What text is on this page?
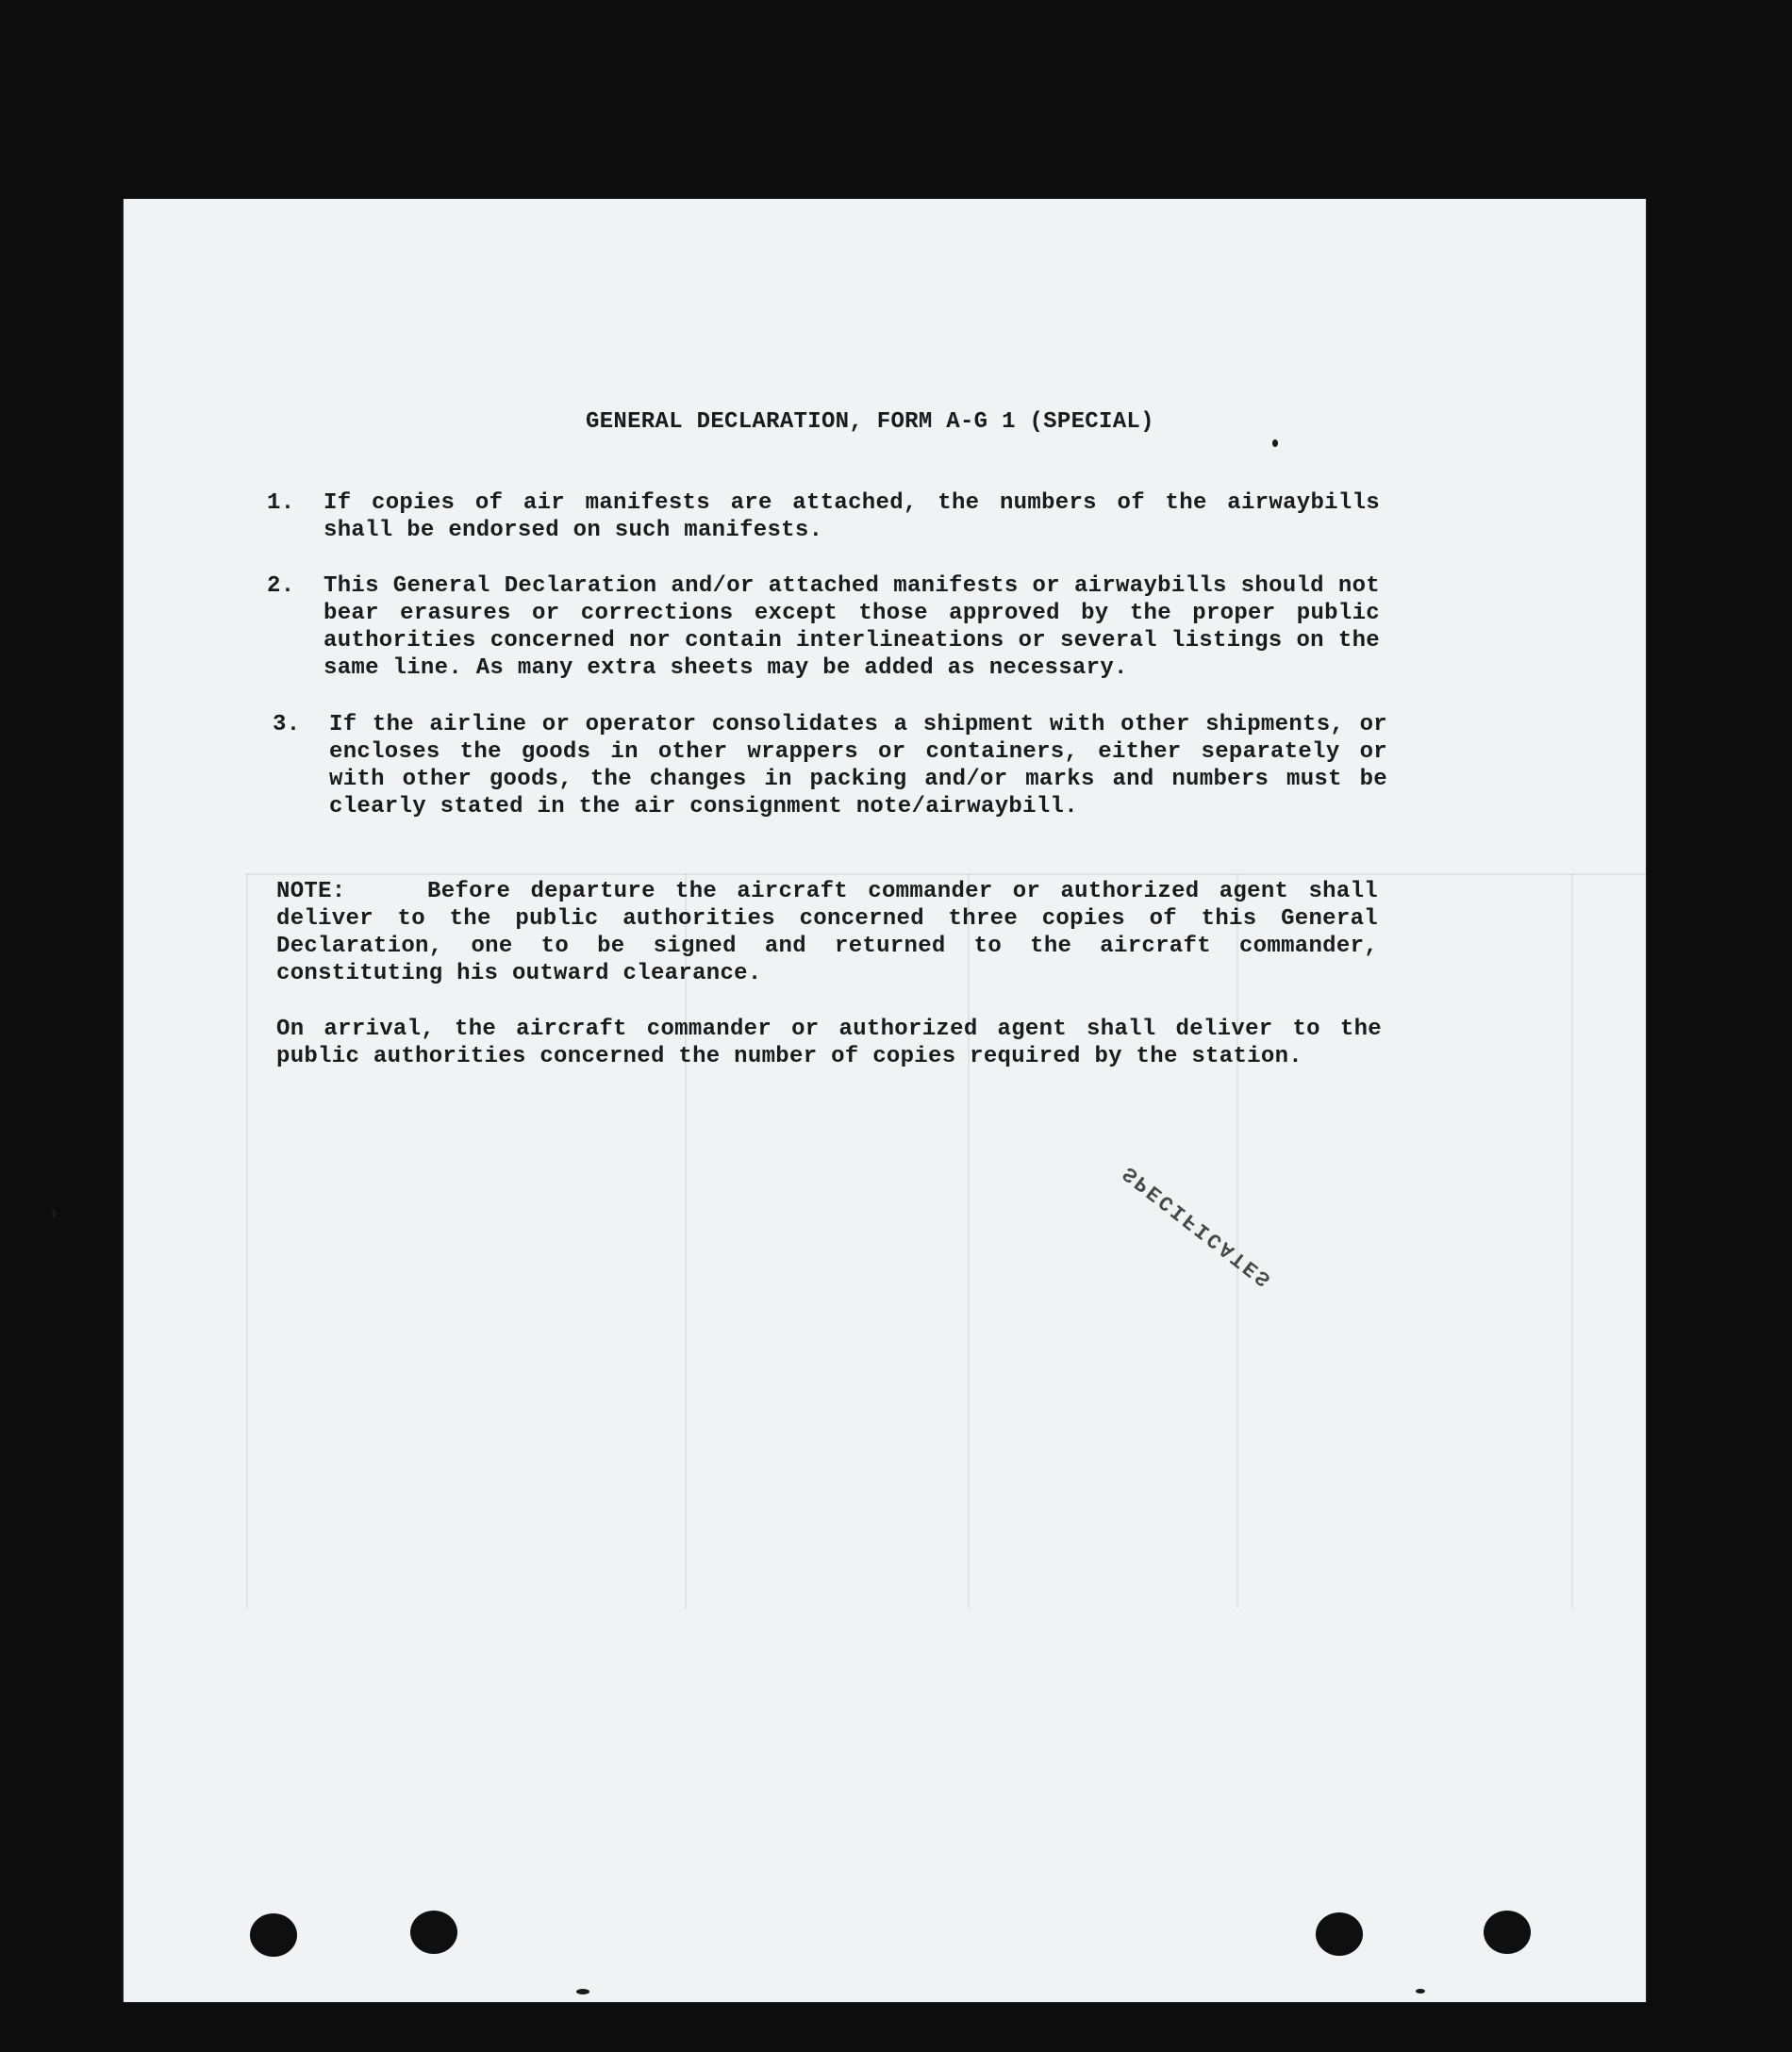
GENERAL DECLARATION, FORM A-G 1 (SPECIAL)
1.	If copies of air manifests are attached, the numbers of the airwaybills shall be endorsed on such manifests.
2.	This General Declaration and/or attached manifests or airwaybills should not bear erasures or corrections except those approved by the proper public authorities concerned nor contain interlineations or several listings on the same line. As many extra sheets may be added as necessary.
3.	If the airline or operator consolidates a shipment with other shipments, or encloses the goods in other wrappers or containers, either separately or with other goods, the changes in packing and/or marks and numbers must be clearly stated in the air consignment note/airwaybill.
NOTE:	Before departure the aircraft commander or authorized agent shall deliver to the public authorities concerned three copies of this General Declaration, one to be signed and returned to the aircraft commander, constituting his outward clearance.
On arrival, the aircraft commander or authorized agent shall deliver to the public authorities concerned the number of copies required by the station.
SPECIFICATES
